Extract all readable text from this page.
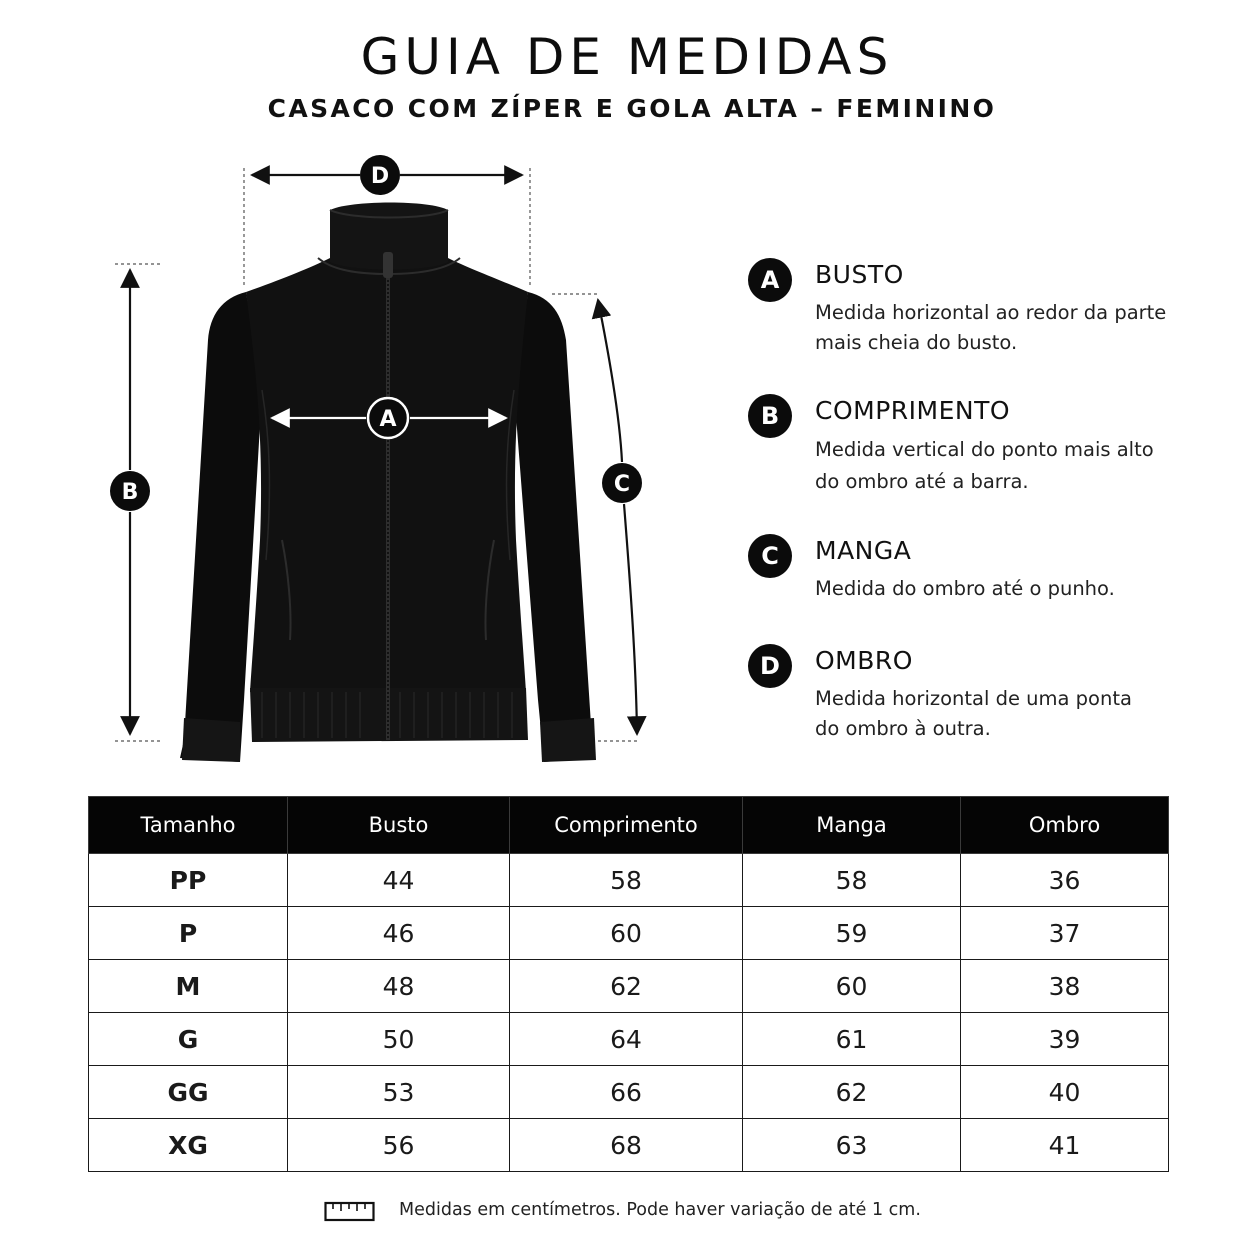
GUIA DE MEDIDAS
CASACO COM ZÍPER E GOLA ALTA – FEMININO
D
B	C
A
A	BUSTO
Medida horizontal ao redor da parte
mais cheia do busto.
B	COMPRIMENTO
Medida vertical do ponto mais alto
do ombro até a barra.
C	MANGA
Medida do ombro até o punho.
D	OMBRO
Medida horizontal de uma ponta
do ombro à outra.
Tamanho	Busto	Comprimento	Manga	Ombro
PP	44	58	58	36
P	46	60	59	37
M	48	62	60	38
G	50	64	61	39
GG	53	66	62	40
XG	56	68	63	41
Medidas em centímetros. Pode haver variação de até 1 cm.
